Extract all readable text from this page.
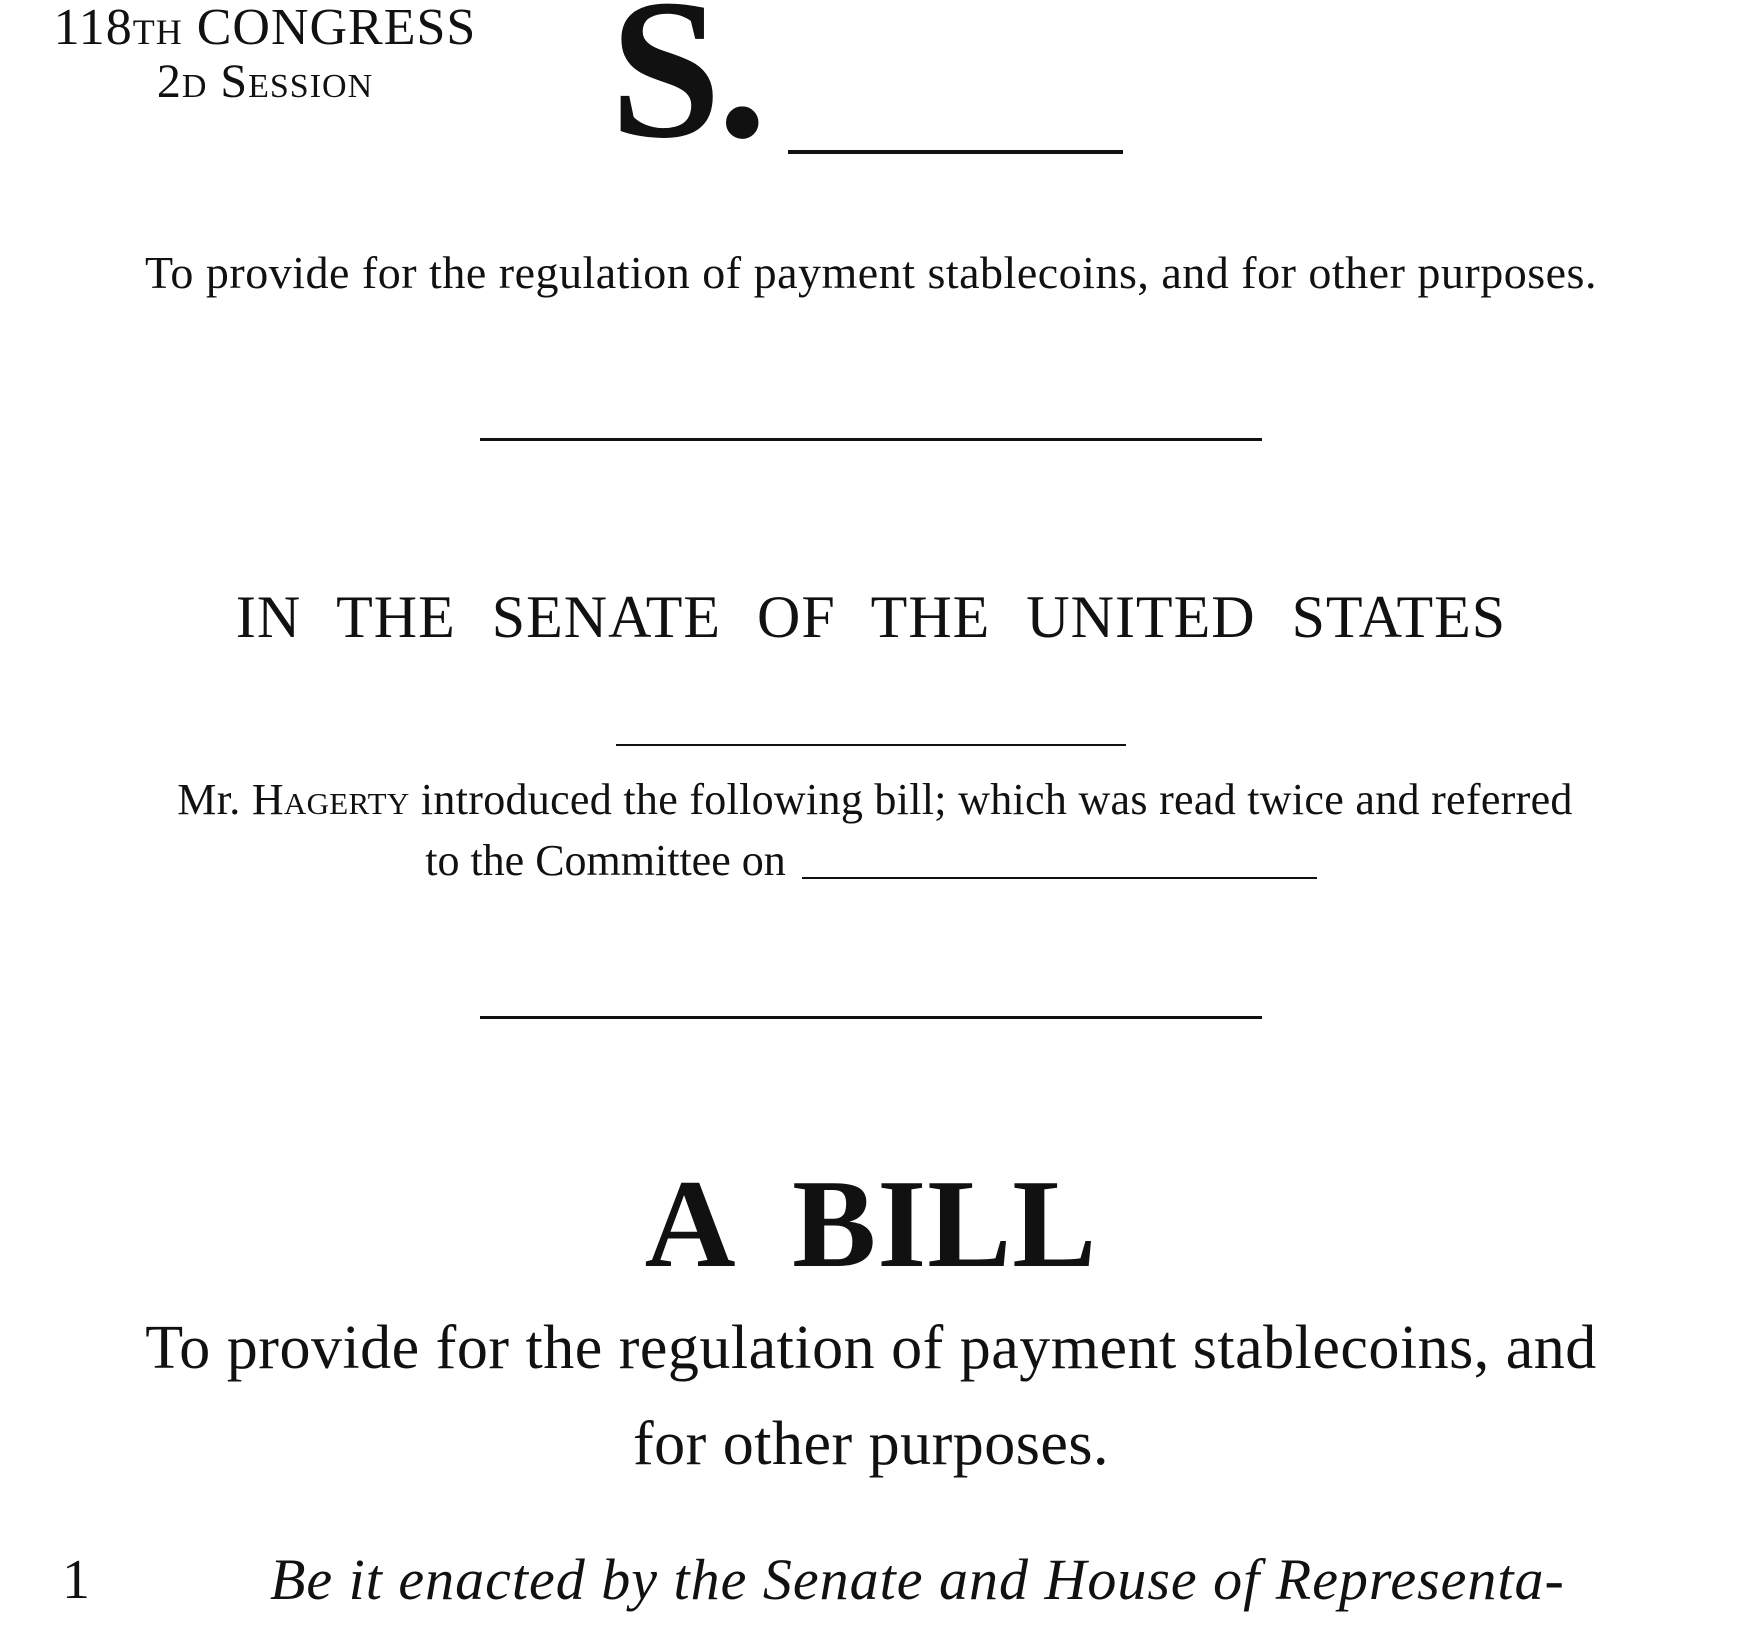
118th CONGRESS
2d Session	S.
To provide for the regulation of payment stablecoins, and for other purposes.
IN THE SENATE OF THE UNITED STATES
Mr. Hagerty introduced the following bill; which was read twice and referred
to the Committee on
A BILL
To provide for the regulation of payment stablecoins, and
for other purposes.
1	Be it enacted by the Senate and House of Representa-
